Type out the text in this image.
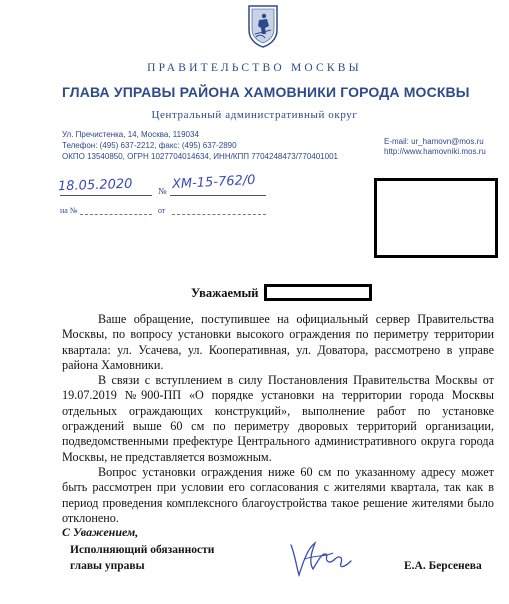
ПРАВИТЕЛЬСТВО МОСКВЫ
ГЛАВА УПРАВЫ РАЙОНА ХАМОВНИКИ ГОРОДА МОСКВЫ
Центральный административный округ
Ул. Пречистенка, 14, Москва, 119034
Телефон: (495) 637-2212, факс: (495) 637-2890
ОКПО 13540850, ОГРН 1027704014634, ИНН/КПП 7704248473/770401001
E-mail: ur_hamovn@mos.ru
http://www.hamovniki.mos.ru
18.05.2020	№ ХМ-15-762/0
на №	от
Уважаемый

Ваше обращение, поступившее на официальный сервер Правительства Москвы, по вопросу установки высокого ограждения по периметру территории квартала: ул. Усачева, ул. Кооперативная, ул. Доватора, рассмотрено в управе района Хамовники.

В связи с вступлением в силу Постановления Правительства Москвы от 19.07.2019 №900-ПП «О порядке установки на территории города Москвы отдельных ограждающих конструкций», выполнение работ по установке ограждений выше 60 см по периметру дворовых территорий организации, подведомственными префектуре Центрального административного округа города Москвы, не представляется возможным.

Вопрос установки ограждения ниже 60 см по указанному адресу может быть рассмотрен при условии его согласования с жителями квартала, так как в период проведения комплексного благоустройства такое решение жителями было отклонено.

С Уважением,
Исполняющий обязанности
главы управы	Е.А. Берсенева
